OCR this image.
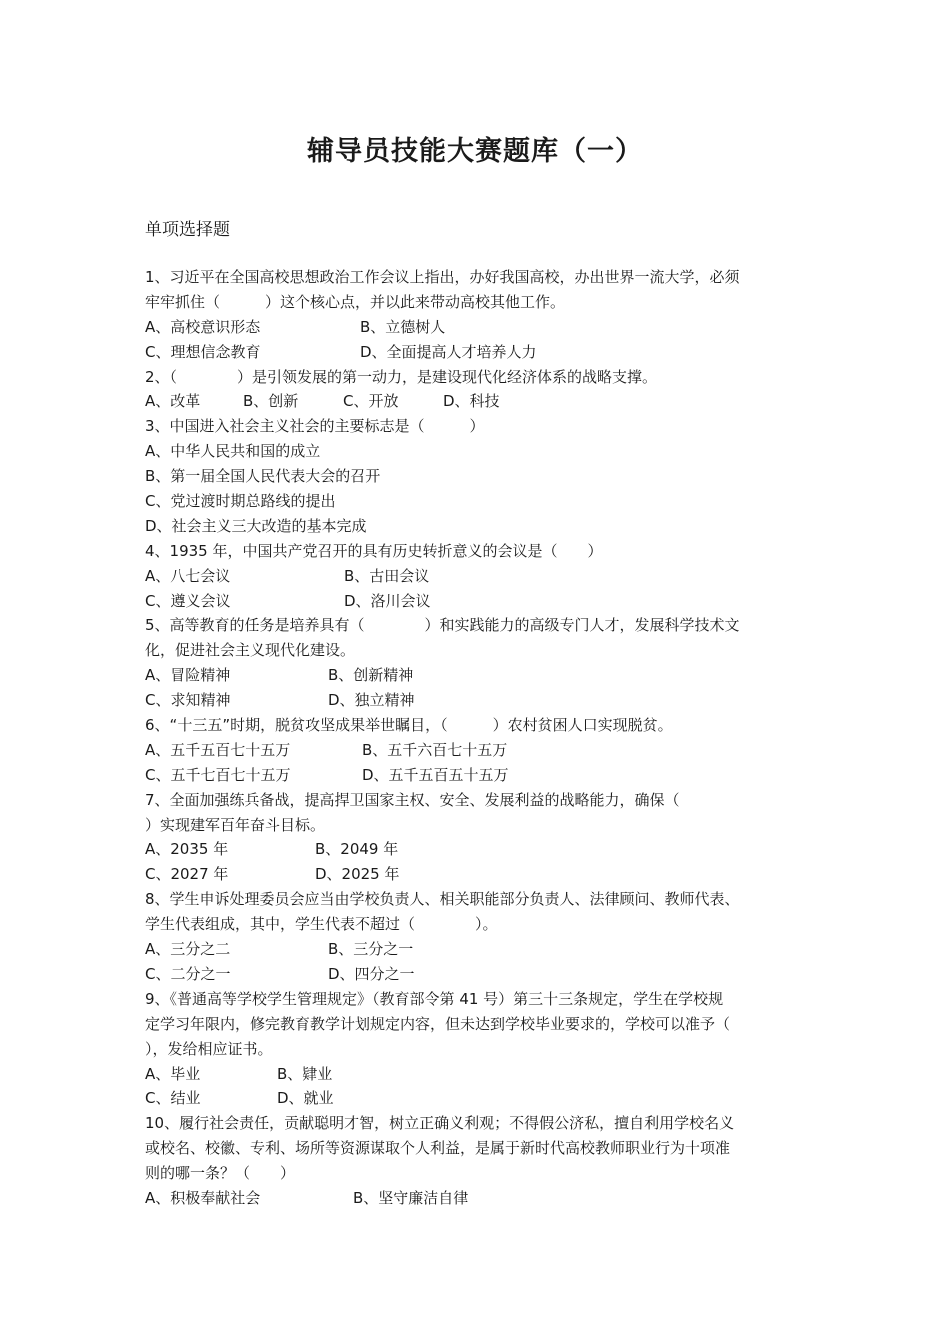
辅导员技能大赛题库（一）
单项选择题
1、习近平在全国高校思想政治工作会议上指出，办好我国高校，办出世界一流大学，必须
牢牢抓住（　　　）这个核心点，并以此来带动高校其他工作。
A、高校意识形态	B、立德树人
C、理想信念教育	D、全面提高人才培养人力
2、（　　　　）是引领发展的第一动力，是建设现代化经济体系的战略支撑。
A、改革	B、创新	C、开放	D、科技
3、中国进入社会主义社会的主要标志是（　　　）
A、中华人民共和国的成立
B、第一届全国人民代表大会的召开
C、党过渡时期总路线的提出
D、社会主义三大改造的基本完成
4、1935 年，中国共产党召开的具有历史转折意义的会议是（　　）
A、八七会议	B、古田会议
C、遵义会议	D、洛川会议
5、高等教育的任务是培养具有（　　　　）和实践能力的高级专门人才，发展科学技术文
化，促进社会主义现代化建设。
A、冒险精神	B、创新精神
C、求知精神	D、独立精神
6、“十三五”时期，脱贫攻坚成果举世瞩目，（　　　）农村贫困人口实现脱贫。
A、五千五百七十五万	B、五千六百七十五万
C、五千七百七十五万	D、五千五百五十五万
7、全面加强练兵备战，提高捍卫国家主权、安全、发展利益的战略能力，确保（
）实现建军百年奋斗目标。
A、2035 年	B、2049 年
C、2027 年	D、2025 年
8、学生申诉处理委员会应当由学校负责人、相关职能部分负责人、法律顾问、教师代表、
学生代表组成，其中，学生代表不超过（　　　　）。
A、三分之二	B、三分之一
C、二分之一	D、四分之一
9、《普通高等学校学生管理规定》（教育部令第 41 号）第三十三条规定，学生在学校规
定学习年限内，修完教育教学计划规定内容，但未达到学校毕业要求的，学校可以准予（
），发给相应证书。
A、毕业	B、肄业
C、结业	D、就业
10、履行社会责任，贡献聪明才智，树立正确义利观；不得假公济私，擅自利用学校名义
或校名、校徽、专利、场所等资源谋取个人利益，是属于新时代高校教师职业行为十项准
则的哪一条？（　　）
A、积极奉献社会	B、坚守廉洁自律
